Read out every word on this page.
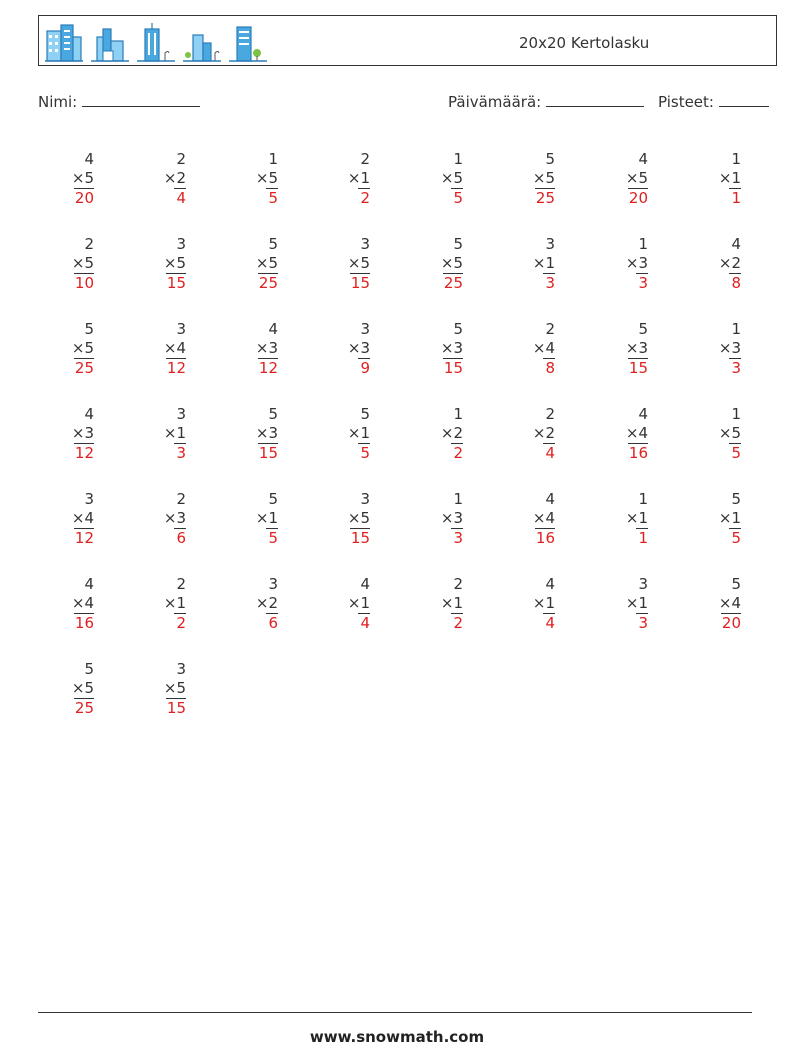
20x20 Kertolasku
Nimi:	Päivämäärä:	Pisteet:
4
×5
20
2
×2
4
1
×5
5
2
×1
2
1
×5
5
5
×5
25
4
×5
20
1
×1
1
2
×5
10
3
×5
15
5
×5
25
3
×5
15
5
×5
25
3
×1
3
1
×3
3
4
×2
8
5
×5
25
3
×4
12
4
×3
12
3
×3
9
5
×3
15
2
×4
8
5
×3
15
1
×3
3
4
×3
12
3
×1
3
5
×3
15
5
×1
5
1
×2
2
2
×2
4
4
×4
16
1
×5
5
3
×4
12
2
×3
6
5
×1
5
3
×5
15
1
×3
3
4
×4
16
1
×1
1
5
×1
5
4
×4
16
2
×1
2
3
×2
6
4
×1
4
2
×1
2
4
×1
4
3
×1
3
5
×4
20
5
×5
25
3
×5
15
www.snowmath.com
